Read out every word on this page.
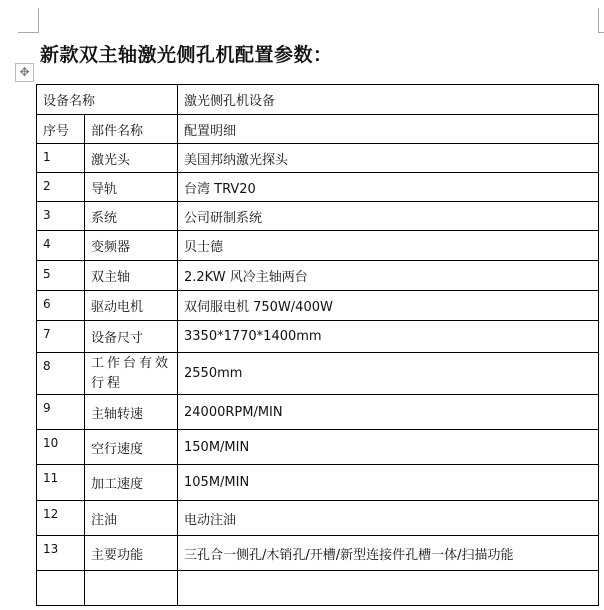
新款双主轴激光侧孔机配置参数：
✥
设备名称		激光侧孔机设备
序号	部件名称	配置明细
1	激光头	美国邦纳激光探头
2	导轨	台湾 TRV20
3	系统	公司研制系统
4	变频器	贝士德
5	双主轴	2.2KW 风冷主轴两台
6	驱动电机	双伺服电机 750W/400W
7	设备尺寸	3350*1770*1400mm
8	工作台有效行程	2550mm
9	主轴转速	24000RPM/MIN
10	空行速度	150M/MIN
11	加工速度	105M/MIN
12	注油	电动注油
13	主要功能	三孔合一侧孔/木销孔/开槽/新型连接件孔槽一体/扫描功能
